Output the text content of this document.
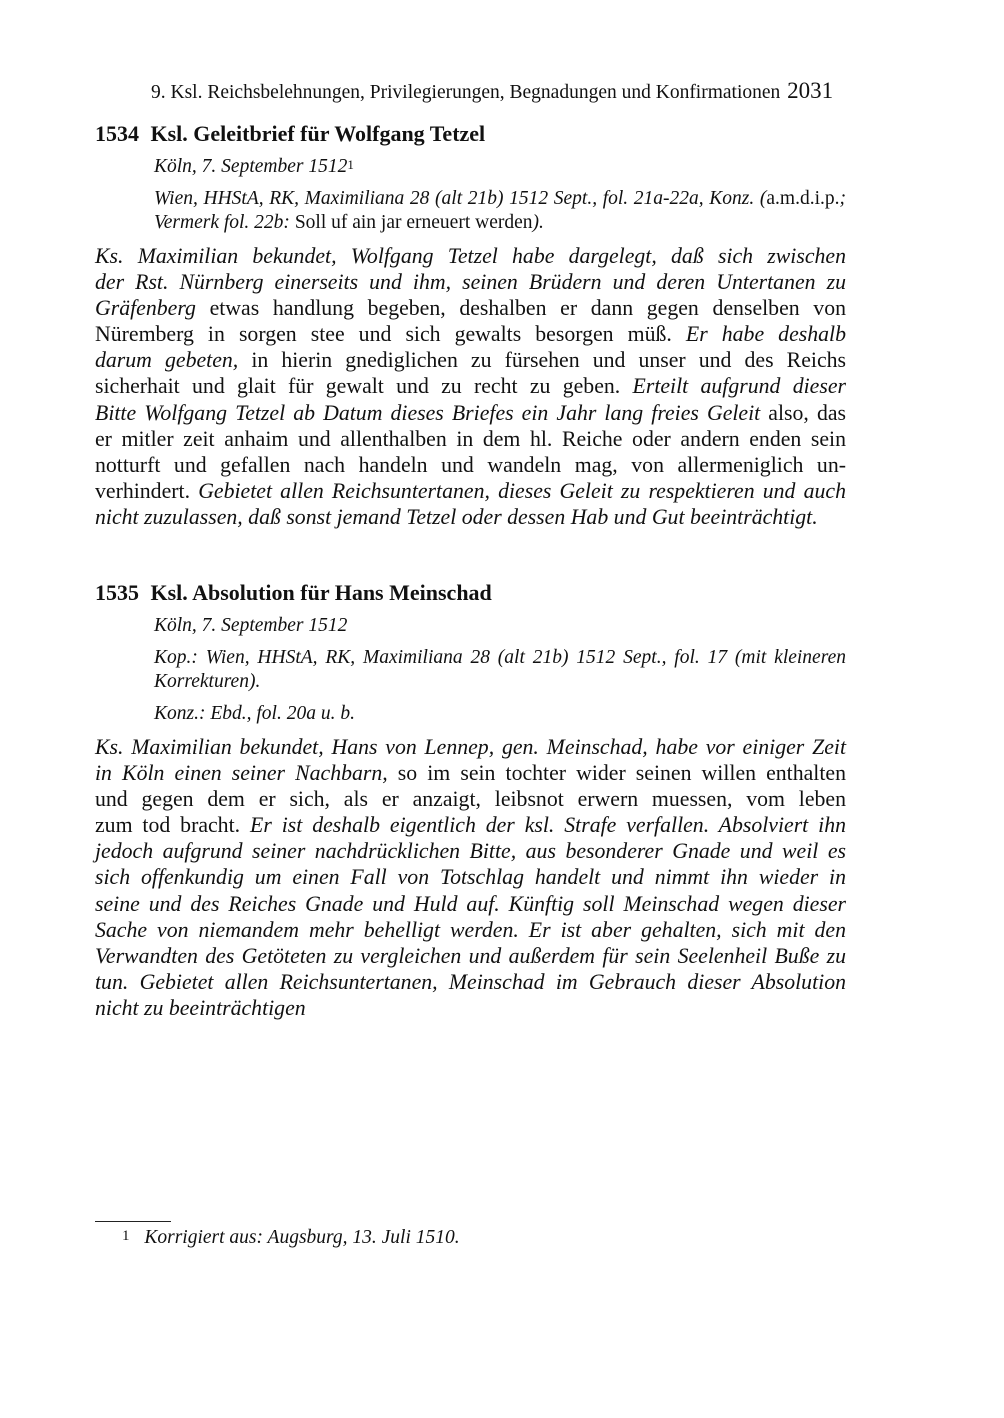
9. Ksl. Reichsbelehnungen, Privilegierungen, Begnadungen und Konfirmationen 2031
1534 Ksl. Geleitbrief für Wolfgang Tetzel
Köln, 7. September 1512$^1$
Wien, HHStA, RK, Maximiliana 28 (alt 21b) 1512 Sept., fol. 21a-22a, Konz. (a.m.d.i.p.; Vermerk fol. 22b: Soll uf ain jar erneuert werden).
Ks. Maximilian bekundet, Wolfgang Tetzel habe dargelegt, daß sich zwischen
der Rst. Nürnberg einerseits und ihm, seinen Brüdern und deren Untertanen zu
Gräfenberg etwas handlung begeben, deshalben er dann gegen denselben von
Nüremberg in sorgen stee und sich gewalts besorgen müß. Er habe deshalb
darum gebeten, in hierin gnediglichen zu fürsehen und unser und des Reichs
sicherhait und glait für gewalt und zu recht zu geben. Erteilt aufgrund dieser
Bitte Wolfgang Tetzel ab Datum dieses Briefes ein Jahr lang freies Geleit also, das
er mitler zeit anhaim und allenthalben in dem hl. Reiche oder andern enden sein
notturft und gefallen nach handeln und wandeln mag, von allermeniglich un-
verhindert. Gebietet allen Reichsuntertanen, dieses Geleit zu respektieren und auch
nicht zuzulassen, daß sonst jemand Tetzel oder dessen Hab und Gut beeinträchtigt.
1535 Ksl. Absolution für Hans Meinschad
Köln, 7. September 1512
Kop.: Wien, HHStA, RK, Maximiliana 28 (alt 21b) 1512 Sept., fol. 17 (mit kleineren Korrekturen).
Konz.: Ebd., fol. 20a u. b.
Ks. Maximilian bekundet, Hans von Lennep, gen. Meinschad, habe vor einiger Zeit
in Köln einen seiner Nachbarn, so im sein tochter wider seinen willen enthalten
und gegen dem er sich, als er anzaigt, leibsnot erwern muessen, vom leben
zum tod bracht. Er ist deshalb eigentlich der ksl. Strafe verfallen. Absolviert ihn
jedoch aufgrund seiner nachdrücklichen Bitte, aus besonderer Gnade und weil es
sich offenkundig um einen Fall von Totschlag handelt und nimmt ihn wieder in
seine und des Reiches Gnade und Huld auf. Künftig soll Meinschad wegen dieser
Sache von niemandem mehr behelligt werden. Er ist aber gehalten, sich mit den
Verwandten des Getöteten zu vergleichen und außerdem für sein Seelenheil Buße zu
tun. Gebietet allen Reichsuntertanen, Meinschad im Gebrauch dieser Absolution
nicht zu beeinträchtigen
1 Korrigiert aus: Augsburg, 13. Juli 1510.
